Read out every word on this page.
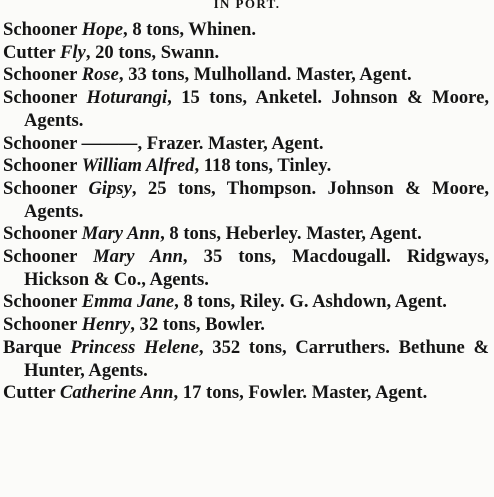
IN PORT.

Schooner Hope, 8 tons, Whinen.

Cutter Fly, 20 tons, Swann.

Schooner Rose, 33 tons, Mulholland. Master, Agent.

Schooner Hoturangi, 15 tons, Anketel. Johnson & Moore, Agents.

Schooner ———, Frazer. Master, Agent.

Schooner William Alfred, 118 tons, Tinley.

Schooner Gipsy, 25 tons, Thompson. Johnson & Moore, Agents.

Schooner Mary Ann, 8 tons, Heberley. Master, Agent.

Schooner Mary Ann, 35 tons, Macdougall. Ridgways, Hickson & Co., Agents.

Schooner Emma Jane, 8 tons, Riley. G. Ashdown, Agent.

Schooner Henry, 32 tons, Bowler.

Barque Princess Helene, 352 tons, Carruthers. Bethune & Hunter, Agents.

Cutter Catherine Ann, 17 tons, Fowler. Master, Agent.
